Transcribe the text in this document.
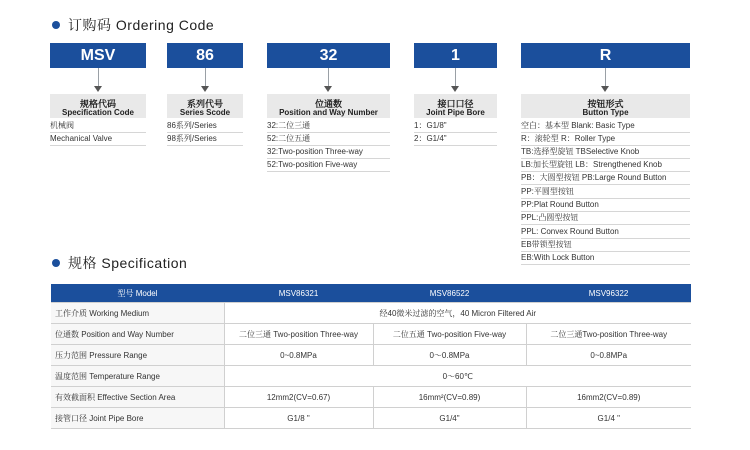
订购码 Ordering Code
MSV	86	32	1	R
规格代码
Specification Code
系列代号
Series Scode
位通数
Position and Way Number
接口口径
Joint Pipe Bore
按钮形式
Button Type
机械阀
Mechanical Valve
86系列/Series
98系列/Series
32:二位三通
52:二位五通
32:Two-position Three-way
52:Two-position Five-way
1：G1/8"
2：G1/4"
空白：基本型 Blank: Basic Type
R：滚轮型 R：Roller Type
TB:选择型旋钮 TBSelective Knob
LB:加长型旋钮 LB：Strengthened Knob
PB：大圆型按钮 PB:Large Round Button
PP:平圆型按钮
PP:Plat Round Button
PPL:凸圆型按钮
PPL: Convex Round Button
EB带锁型按钮
EB:With Lock Button
规格 Specification
型号 Model	MSV86321	MSV86522	MSV96322
工作介质 Working Medium	经40微米过滤的空气，40 Micron Filtered Air		
位通数 Position and Way Number	二位三通 Two-position Three-way	二位五通 Two-position Five-way	二位三通Two-position Three-way
压力范围 Pressure Range	0~0.8MPa	0～0.8MPa	0~0.8MPa
温度范围 Temperature Range	0～60℃		
有效截面积 Effective Section Area	12mm2(CV=0.67)	16mm²(CV=0.89)	16mm2(CV=0.89)
接管口径 Joint Pipe Bore	G1/8 "	G1/4"	G1/4 "
